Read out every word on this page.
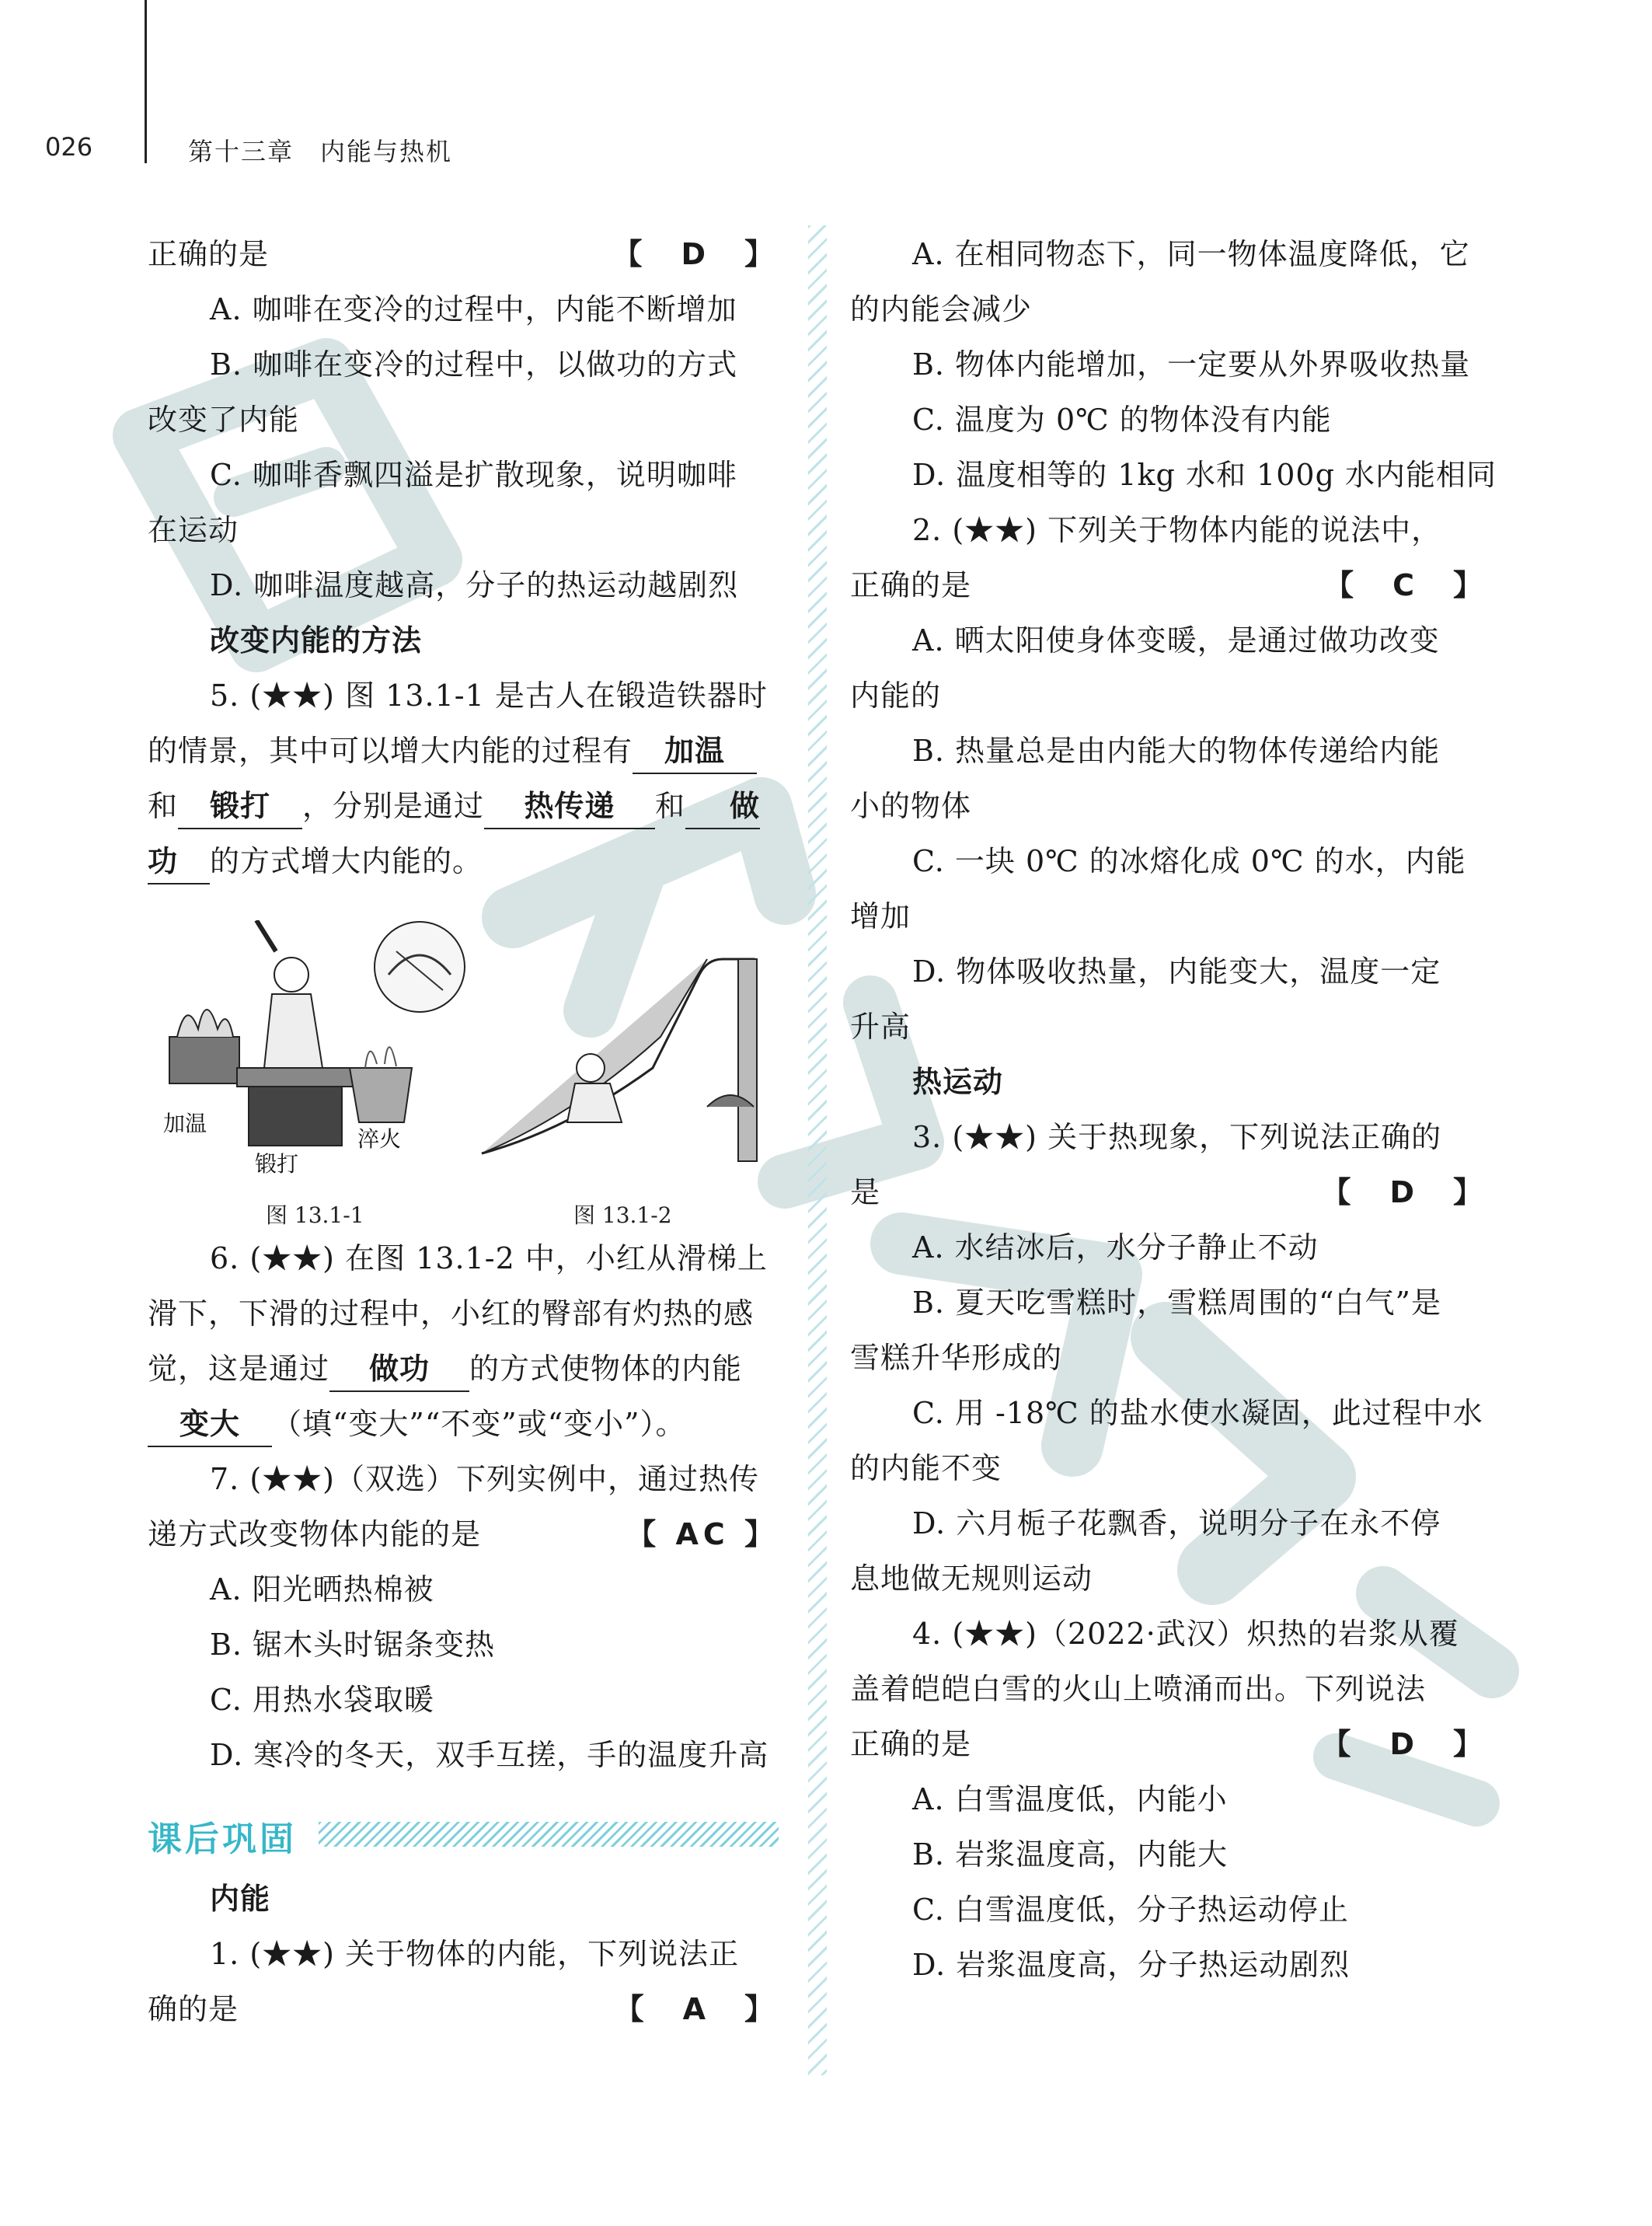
026	第十三章　内能与热机
正确的是	【　D　】
A. 咖啡在变冷的过程中，内能不断增加
B. 咖啡在变冷的过程中，以做功的方式
改变了内能
C. 咖啡香飘四溢是扩散现象，说明咖啡
在运动
D. 咖啡温度越高，分子的热运动越剧烈
改变内能的方法
5. (★★) 图 13.1-1 是古人在锻造铁器时
的情景，其中可以增大内能的过程有 加温
和 锻打 ，分别是通过 热传递 和 做
功 的方式增大内能的。
加温
锻打
淬火
图 13.1-1	图 13.1-2
6. (★★) 在图 13.1-2 中，小红从滑梯上
滑下，下滑的过程中，小红的臀部有灼热的感
觉，这是通过 做功 的方式使物体的内能
变大 （填“变大”“不变”或“变小”）。
7. (★★)（双选）下列实例中，通过热传
递方式改变物体内能的是	【 AC 】
A. 阳光晒热棉被
B. 锯木头时锯条变热
C. 用热水袋取暖
D. 寒冷的冬天，双手互搓，手的温度升高
课后巩固
内能
1. (★★) 关于物体的内能，下列说法正
确的是	【　A　】
A. 在相同物态下，同一物体温度降低，它
的内能会减少
B. 物体内能增加，一定要从外界吸收热量
C. 温度为 0℃ 的物体没有内能
D. 温度相等的 1kg 水和 100g 水内能相同
2. (★★) 下列关于物体内能的说法中，
正确的是	【　C　】
A. 晒太阳使身体变暖，是通过做功改变
内能的
B. 热量总是由内能大的物体传递给内能
小的物体
C. 一块 0℃ 的冰熔化成 0℃ 的水，内能
增加
D. 物体吸收热量，内能变大，温度一定
升高
热运动
3. (★★) 关于热现象，下列说法正确的
是	【　D　】
A. 水结冰后，水分子静止不动
B. 夏天吃雪糕时，雪糕周围的“白气”是
雪糕升华形成的
C. 用 -18℃ 的盐水使水凝固，此过程中水
的内能不变
D. 六月栀子花飘香，说明分子在永不停
息地做无规则运动
4. (★★)（2022·武汉）炽热的岩浆从覆
盖着皑皑白雪的火山上喷涌而出。下列说法
正确的是	【　D　】
A. 白雪温度低，内能小
B. 岩浆温度高，内能大
C. 白雪温度低，分子热运动停止
D. 岩浆温度高，分子热运动剧烈
